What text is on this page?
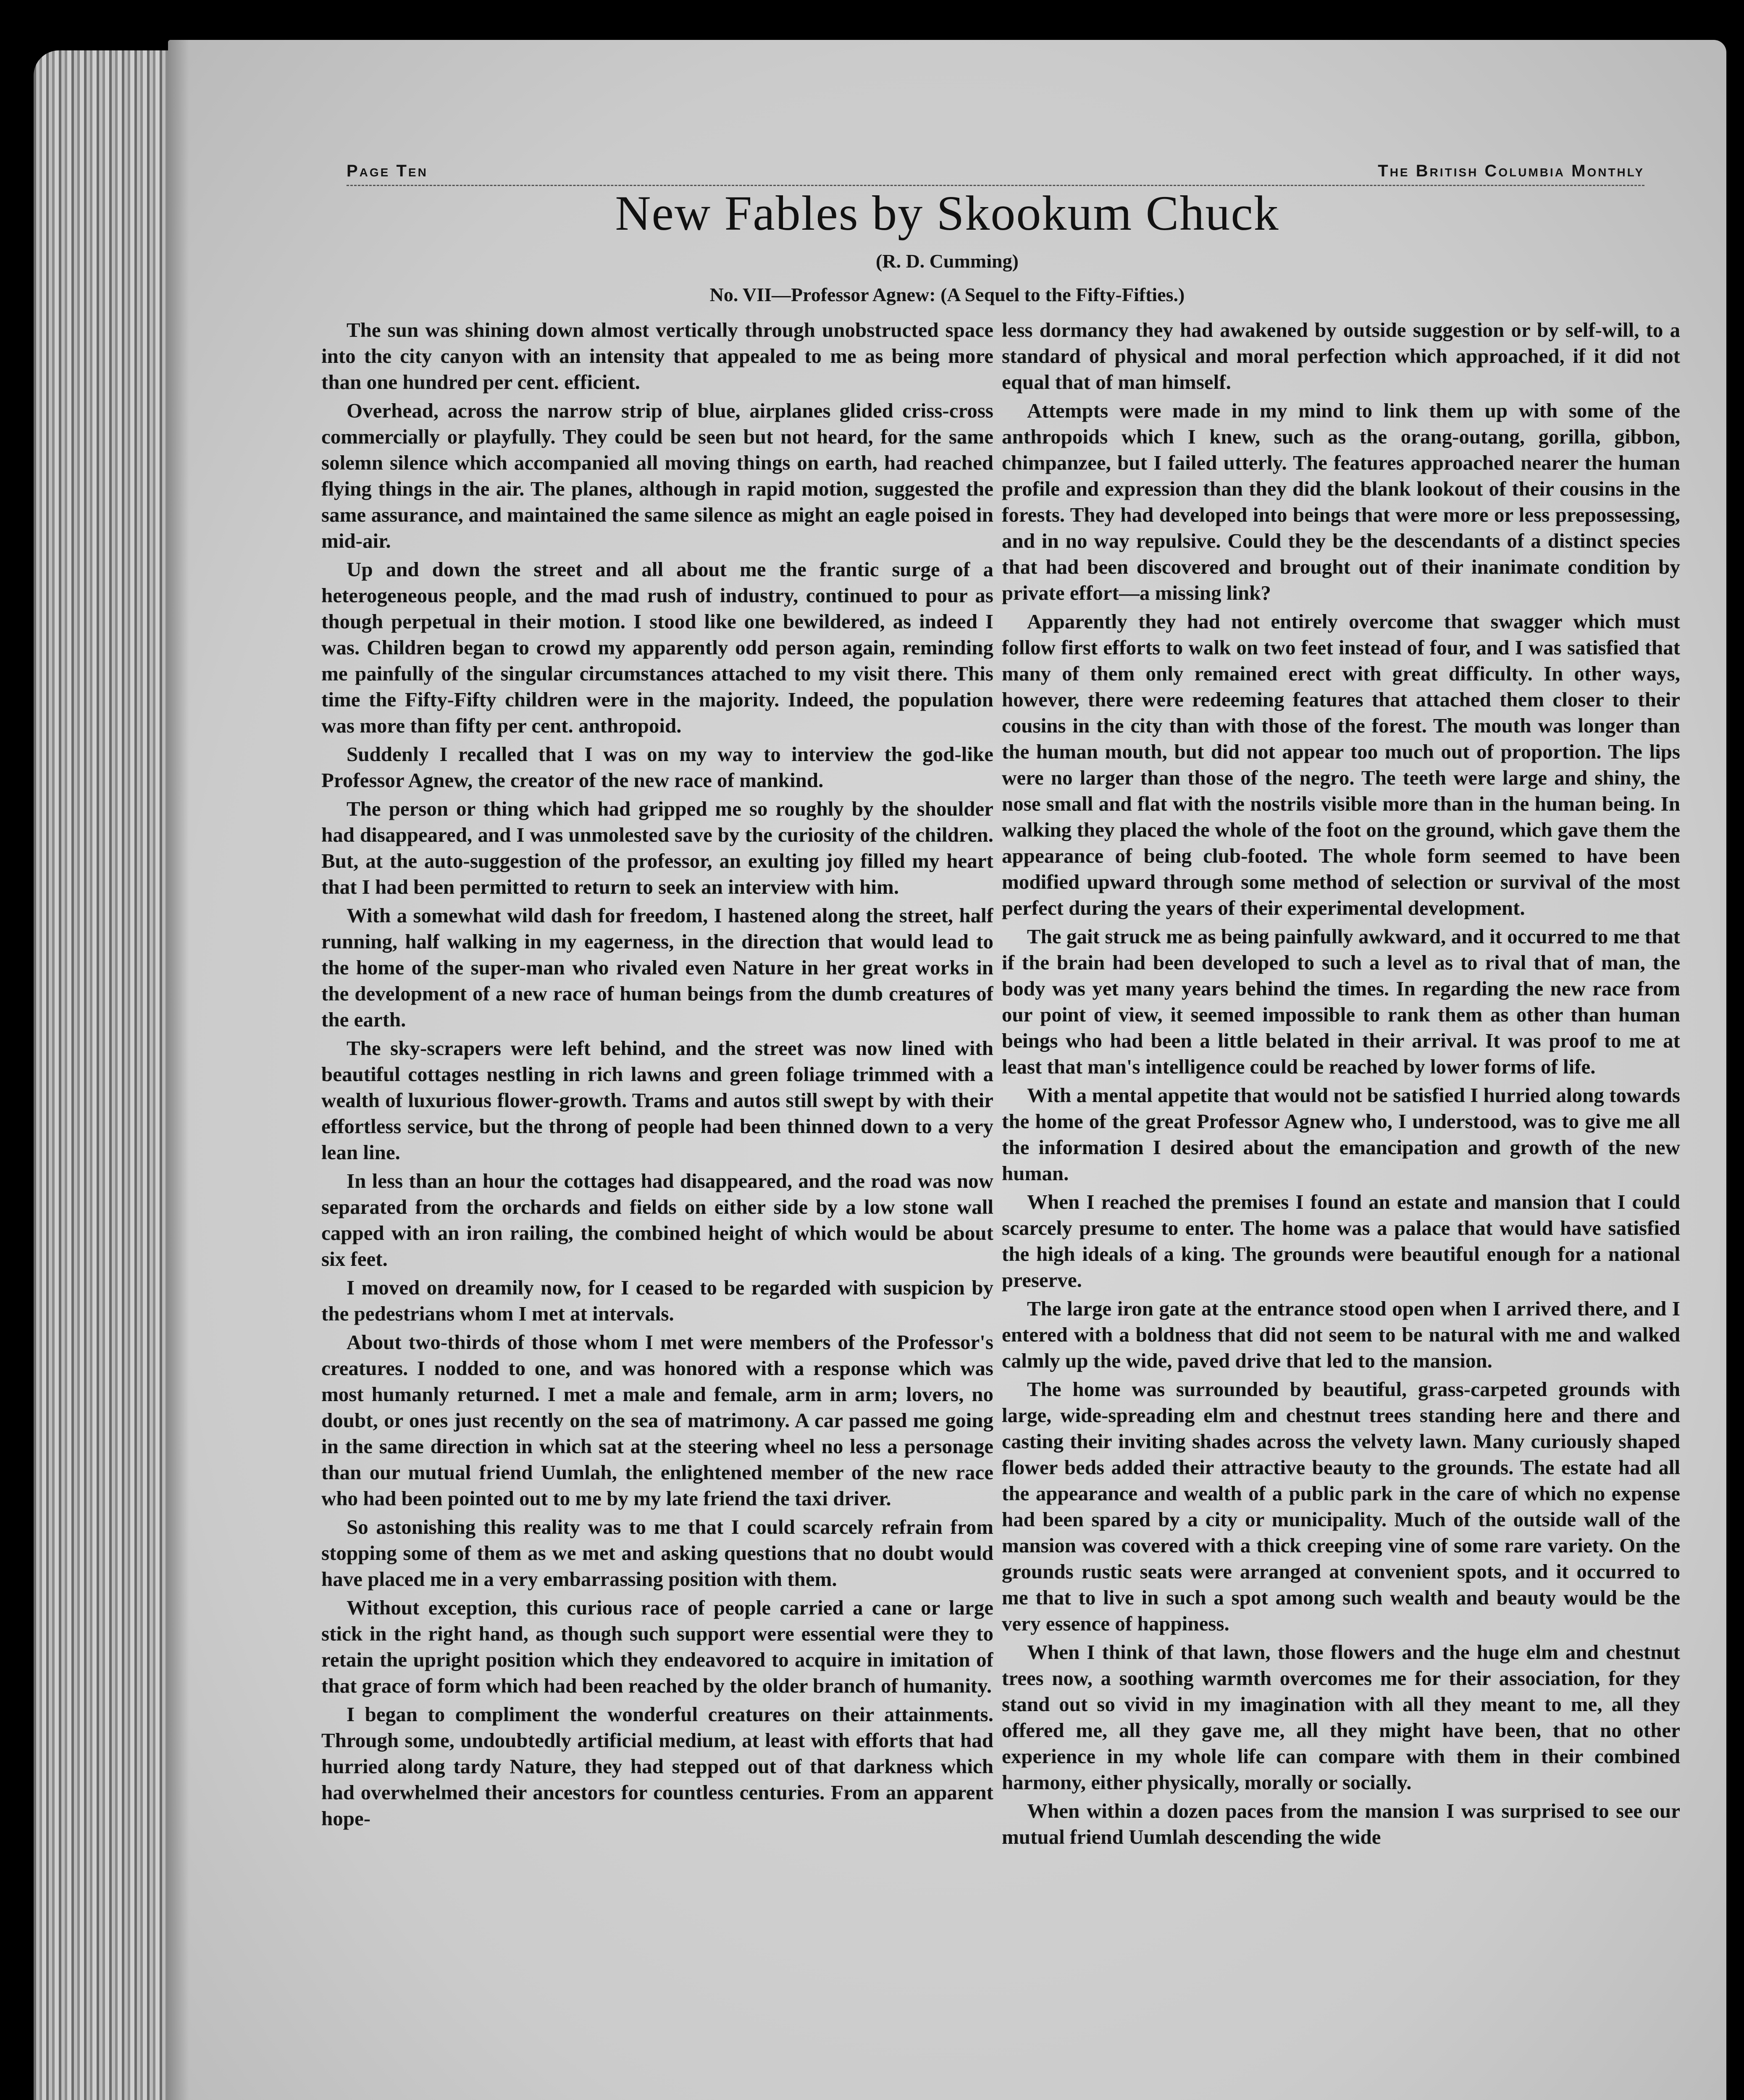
Page Ten	The British Columbia Monthly
New Fables by Skookum Chuck
(R. D. Cumming)
No. VII—Professor Agnew: (A Sequel to the Fifty-Fifties.)

The sun was shining down almost vertically through unobstructed space into the city canyon with an intensity that appealed to me as being more than one hundred per cent. efficient.

Overhead, across the narrow strip of blue, airplanes glided criss-cross commercially or playfully. They could be seen but not heard, for the same solemn silence which accompanied all moving things on earth, had reached flying things in the air. The planes, although in rapid motion, suggested the same assurance, and maintained the same silence as might an eagle poised in mid-air.

Up and down the street and all about me the frantic surge of a heterogeneous people, and the mad rush of industry, continued to pour as though perpetual in their motion. I stood like one bewildered, as indeed I was. Children began to crowd my apparently odd person again, reminding me painfully of the singular circumstances attached to my visit there. This time the Fifty-Fifty children were in the majority. Indeed, the population was more than fifty per cent. anthropoid.

Suddenly I recalled that I was on my way to interview the god-like Professor Agnew, the creator of the new race of mankind.

The person or thing which had gripped me so roughly by the shoulder had disappeared, and I was unmolested save by the curiosity of the children. But, at the auto-suggestion of the professor, an exulting joy filled my heart that I had been permitted to return to seek an interview with him.

With a somewhat wild dash for freedom, I hastened along the street, half running, half walking in my eagerness, in the direction that would lead to the home of the super-man who rivaled even Nature in her great works in the development of a new race of human beings from the dumb creatures of the earth.

The sky-scrapers were left behind, and the street was now lined with beautiful cottages nestling in rich lawns and green foliage trimmed with a wealth of luxurious flower-growth. Trams and autos still swept by with their effortless service, but the throng of people had been thinned down to a very lean line.

In less than an hour the cottages had disappeared, and the road was now separated from the orchards and fields on either side by a low stone wall capped with an iron railing, the combined height of which would be about six feet.

I moved on dreamily now, for I ceased to be regarded with suspicion by the pedestrians whom I met at intervals.

About two-thirds of those whom I met were members of the Professor's creatures. I nodded to one, and was honored with a response which was most humanly returned. I met a male and female, arm in arm; lovers, no doubt, or ones just recently on the sea of matrimony. A car passed me going in the same direction in which sat at the steering wheel no less a personage than our mutual friend Uumlah, the enlightened member of the new race who had been pointed out to me by my late friend the taxi driver.

So astonishing this reality was to me that I could scarcely refrain from stopping some of them as we met and asking questions that no doubt would have placed me in a very embarrassing position with them.

Without exception, this curious race of people carried a cane or large stick in the right hand, as though such support were essential were they to retain the upright position which they endeavored to acquire in imitation of that grace of form which had been reached by the older branch of humanity.

I began to compliment the wonderful creatures on their attainments. Through some, undoubtedly artificial medium, at least with efforts that had hurried along tardy Nature, they had stepped out of that darkness which had overwhelmed their ancestors for countless centuries. From an apparent hope-

less dormancy they had awakened by outside suggestion or by self-will, to a standard of physical and moral perfection which approached, if it did not equal that of man himself.

Attempts were made in my mind to link them up with some of the anthropoids which I knew, such as the orang-outang, gorilla, gibbon, chimpanzee, but I failed utterly. The features approached nearer the human profile and expression than they did the blank lookout of their cousins in the forests. They had developed into beings that were more or less prepossessing, and in no way repulsive. Could they be the descendants of a distinct species that had been discovered and brought out of their inanimate condition by private effort—a missing link?

Apparently they had not entirely overcome that swagger which must follow first efforts to walk on two feet instead of four, and I was satisfied that many of them only remained erect with great difficulty. In other ways, however, there were redeeming features that attached them closer to their cousins in the city than with those of the forest. The mouth was longer than the human mouth, but did not appear too much out of proportion. The lips were no larger than those of the negro. The teeth were large and shiny, the nose small and flat with the nostrils visible more than in the human being. In walking they placed the whole of the foot on the ground, which gave them the appearance of being club-footed. The whole form seemed to have been modified upward through some method of selection or survival of the most perfect during the years of their experimental development.

The gait struck me as being painfully awkward, and it occurred to me that if the brain had been developed to such a level as to rival that of man, the body was yet many years behind the times. In regarding the new race from our point of view, it seemed impossible to rank them as other than human beings who had been a little belated in their arrival. It was proof to me at least that man's intelligence could be reached by lower forms of life.

With a mental appetite that would not be satisfied I hurried along towards the home of the great Professor Agnew who, I understood, was to give me all the information I desired about the emancipation and growth of the new human.

When I reached the premises I found an estate and mansion that I could scarcely presume to enter. The home was a palace that would have satisfied the high ideals of a king. The grounds were beautiful enough for a national preserve.

The large iron gate at the entrance stood open when I arrived there, and I entered with a boldness that did not seem to be natural with me and walked calmly up the wide, paved drive that led to the mansion.

The home was surrounded by beautiful, grass-carpeted grounds with large, wide-spreading elm and chestnut trees standing here and there and casting their inviting shades across the velvety lawn. Many curiously shaped flower beds added their attractive beauty to the grounds. The estate had all the appearance and wealth of a public park in the care of which no expense had been spared by a city or municipality. Much of the outside wall of the mansion was covered with a thick creeping vine of some rare variety. On the grounds rustic seats were arranged at convenient spots, and it occurred to me that to live in such a spot among such wealth and beauty would be the very essence of happiness.

When I think of that lawn, those flowers and the huge elm and chestnut trees now, a soothing warmth overcomes me for their association, for they stand out so vivid in my imagination with all they meant to me, all they offered me, all they gave me, all they might have been, that no other experience in my whole life can compare with them in their combined harmony, either physically, morally or socially.

When within a dozen paces from the mansion I was surprised to see our mutual friend Uumlah descending the wide
